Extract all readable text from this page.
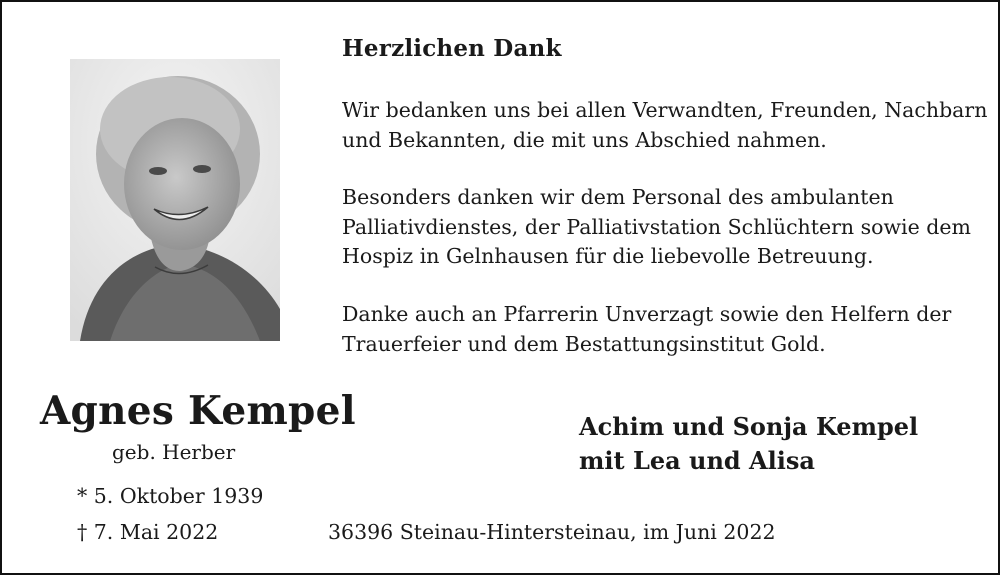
Herzlichen Dank
Wir bedanken uns bei allen Verwandten, Freunden, Nachbarn
und Bekannten, die mit uns Abschied nahmen.
Besonders danken wir dem Personal des ambulanten
Palliativdienstes, der Palliativstation Schlüchtern sowie dem
Hospiz in Gelnhausen für die liebevolle Betreuung.
Danke auch an Pfarrerin Unverzagt sowie den Helfern der
Trauerfeier und dem Bestattungsinstitut Gold.
Agnes Kempel
geb. Herber
* 5. Oktober 1939
† 7. Mai 2022
Achim und Sonja Kempel
mit Lea und Alisa
36396 Steinau-Hintersteinau, im Juni 2022
